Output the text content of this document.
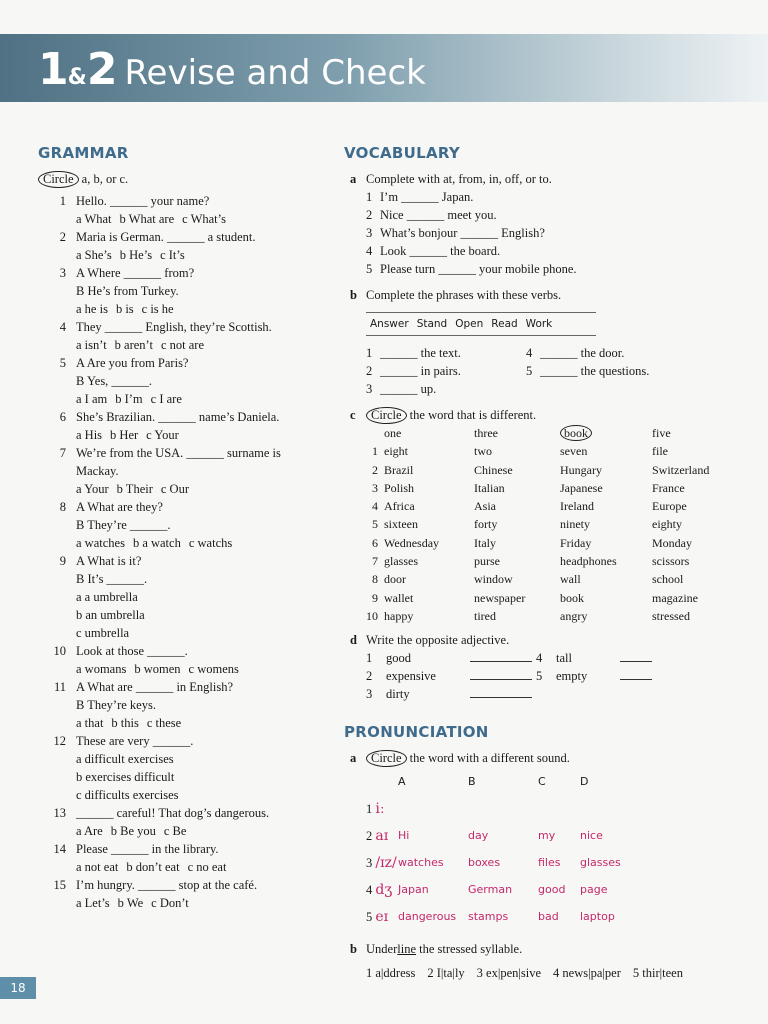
1&2 Revise and Check
GRAMMAR
Circle a, b, or c.
1 Hello. ______ your name?
a What b What are c What’s
2 Maria is German. ______ a student.
a She’s b He’s c It’s
3 A Where ______ from?
B He’s from Turkey.
a he is b is c is he
4 They ______ English, they’re Scottish.
a isn’t b aren’t c not are
5 A Are you from Paris?
B Yes, ______.
a I am b I’m c I are
6 She’s Brazilian. ______ name’s Daniela.
a His b Her c Your
7 We’re from the USA. ______ surname is
Mackay.
a Your b Their c Our
8 A What are they?
B They’re ______.
a watches b a watch c watchs
9 A What is it?
B It’s ______.
a a umbrella
b an umbrella
c umbrella
10 Look at those ______.
a womans b women c womens
11 A What are ______ in English?
B They’re keys.
a that b this c these
12 These are very ______.
a difficult exercises
b exercises difficult
c difficults exercises
13 ______ careful! That dog’s dangerous.
a Are b Be you c Be
14 Please ______ in the library.
a not eat b don’t eat c no eat
15 I’m hungry. ______ stop at the café.
a Let’s b We c Don’t
VOCABULARY
a Complete with at, from, in, off, or to.
1 I’m ______ Japan.
2 Nice ______ meet you.
3 What’s bonjour ______ English?
4 Look ______ the board.
5 Please turn ______ your mobile phone.
b Complete the phrases with these verbs.
Answer Stand Open Read Work
1 ______ the text.	4 ______ the door.
2 ______ in pairs.	5 ______ the questions.
3 ______ up.
c Circle the word that is different.
one	three	book	five
1 eight	two	seven	file
2 Brazil	Chinese	Hungary	Switzerland
3 Polish	Italian	Japanese	France
4 Africa	Asia	Ireland	Europe
5 sixteen	forty	ninety	eighty
6 Wednesday	Italy	Friday	Monday
7 glasses	purse	headphones	scissors
8 door	window	wall	school
9 wallet	newspaper	book	magazine
10 happy	tired	angry	stressed
d Write the opposite adjective.
1	good	4	tall
2	expensive	5	empty
3	dirty
PRONUNCIATION
a Circle the word with a different sound.
A	B	C	D
1 iː
2 aɪ Hi	day	my	nice
3 /ɪz/ watches	boxes	files	glasses
4 dʒ Japan	German	good	page
5 eɪ dangerous	stamps	bad	laptop
b Underline the stressed syllable.
1 a|ddress 2 I|ta|ly 3 ex|pen|sive 4 news|pa|per 5 thir|teen
18
